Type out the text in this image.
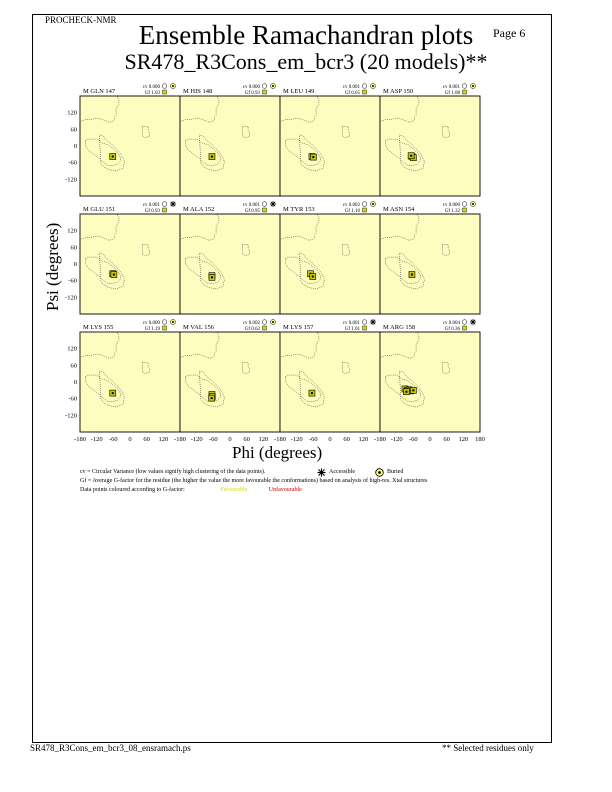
PROCHECK-NMR
Page 6
Ensemble Ramachandran plots
SR478_R3Cons_em_bcr3 (20 models)**
Psi (degrees)
Phi (degrees)
M GLN 147
cv 0.000
Gf 1.03	M HIS 148
cv 0.000
Gf 0.93	M LEU 149
cv 0.001
Gf 0.65	M ASP 150
cv 0.001
Gf 1.08
M GLU 151
cv 0.001
Gf 0.93	M ALA 152
cv 0.001
Gf 0.95	M TYR 153
cv 0.002
Gf 1.10	M ASN 154
cv 0.000
Gf 1.32
M LYS 155
cv 0.000
Gf 1.19	M VAL 156
cv 0.002
Gf 0.62	M LYS 157
cv 0.001
Gf 1.01	M ARG 158
cv 0.004
Gf 0.36
120
60
0
-60
-120
120
60
0
-60
-120
120
60
0
-60
-120
-180 -120 -60 0 60 120 -180 -120 -60 0 60 120 -180 -120 -60 0 60 120 -180 -120 -60 0 60 120 180
cv = Circular Variance (low values signify high clustering of the data points).	Accessible	Buried
Gf = Average G-factor for the residue (the higher the value the more favourable the conformations) based on analysis of high-res. Xtal structures
Data points coloured according to G-factor:	Favourable	Unfavourable
SR478_R3Cons_em_bcr3_08_ensramach.ps	** Selected residues only
